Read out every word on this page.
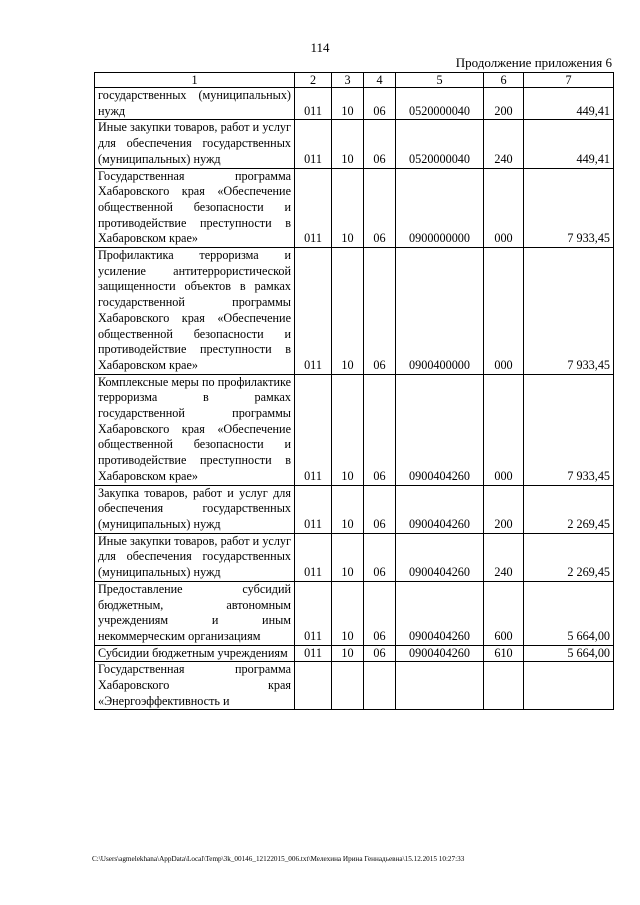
114
Продолжение приложения 6
1	2	3	4	5	6	7
государственных (муниципальных) нужд	011	10	06	0520000040	200	449,41
Иные закупки товаров, работ и услуг для обеспечения государственных (муниципальных) нужд	011	10	06	0520000040	240	449,41
Государственная программа Хабаровского края «Обеспечение общественной безопасности и противодействие преступности в Хабаровском крае»	011	10	06	0900000000	000	7 933,45
Профилактика терроризма и усиление антитеррористической защищенности объектов в рамках государственной программы Хабаровского края «Обеспечение общественной безопасности и противодействие преступности в Хабаровском крае»	011	10	06	0900400000	000	7 933,45
Комплексные меры по профилактике терроризма в рамках государственной программы Хабаровского края «Обеспечение общественной безопасности и противодействие преступности в Хабаровском крае»	011	10	06	0900404260	000	7 933,45
Закупка товаров, работ и услуг для обеспечения государственных (муниципальных) нужд	011	10	06	0900404260	200	2 269,45
Иные закупки товаров, работ и услуг для обеспечения государственных (муниципальных) нужд	011	10	06	0900404260	240	2 269,45
Предоставление субсидий бюджетным, автономным учреждениям и иным некоммерческим организациям	011	10	06	0900404260	600	5 664,00
Субсидии бюджетным учреждениям	011	10	06	0900404260	610	5 664,00
Государственная программа Хабаровского края «Энергоэффективность и						
C:\Users\agmelekhana\AppData\Local\Temp\3k_00146_12122015_006.txt\Мелехина Ирина Геннадьевна\15.12.2015 10:27:33
